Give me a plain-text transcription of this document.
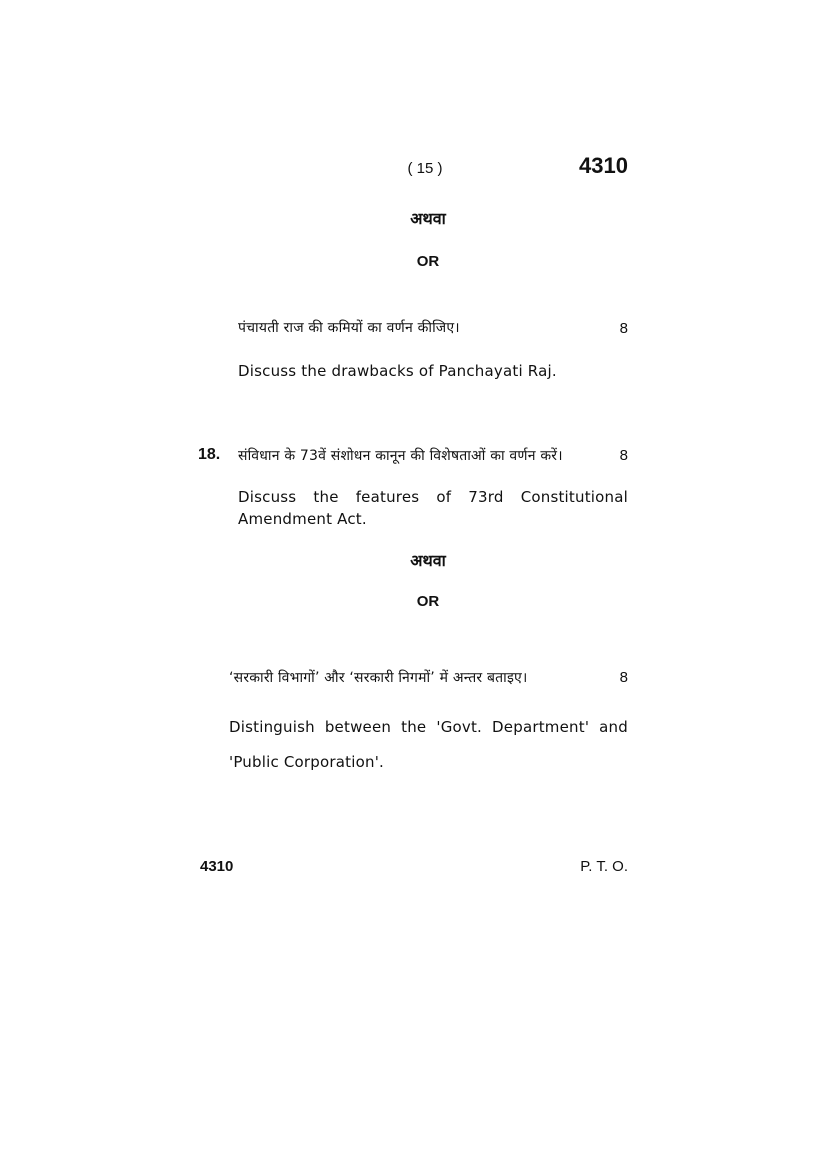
( 15 )	4310
अथवा
OR
पंचायती राज की कमियों का वर्णन कीजिए।	8
Discuss the drawbacks of Panchayati Raj.
18. संविधान के 73वें संशोधन कानून की विशेषताओं का वर्णन करें।	8
Discuss the features of 73rd Constitutional
Amendment Act.
अथवा
OR
‘सरकारी विभागों’ और ‘सरकारी निगमों’ में अन्तर बताइए।	8
Distinguish between the 'Govt. Department' and
'Public Corporation'.
4310	P. T. O.
